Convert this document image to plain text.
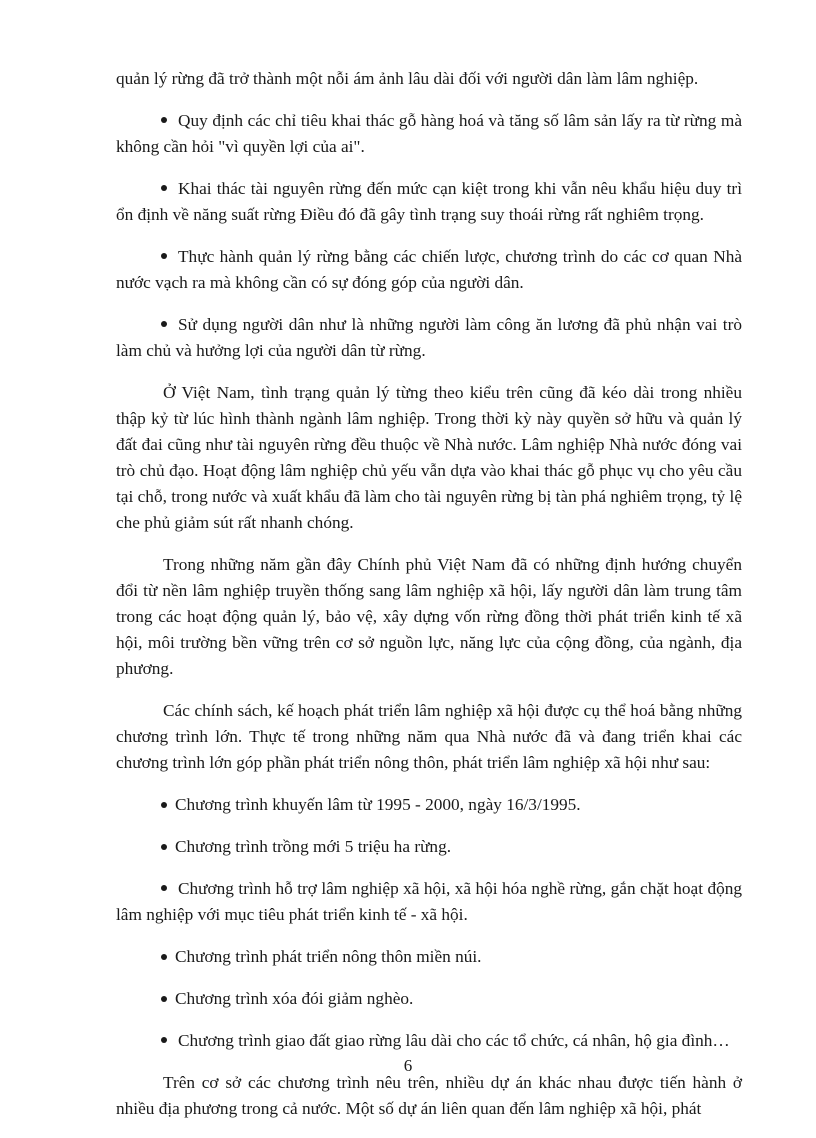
quản lý rừng đã trở thành một nỗi ám ảnh lâu dài đối với người dân làm lâm nghiệp.

Quy định các chỉ tiêu khai thác gỗ hàng hoá và tăng số lâm sản lấy ra từ rừng mà không cần hỏi "vì quyền lợi của ai".

Khai thác tài nguyên rừng đến mức cạn kiệt trong khi vẫn nêu khẩu hiệu duy trì ổn định về năng suất rừng Điều đó đã gây tình trạng suy thoái rừng rất nghiêm trọng.

Thực hành quản lý rừng bằng các chiến lược, chương trình do các cơ quan Nhà nước vạch ra mà không cần có sự đóng góp của người dân.

Sử dụng người dân như là những người làm công ăn lương đã phủ nhận vai trò làm chủ và hưởng lợi của người dân từ rừng.

Ở Việt Nam, tình trạng quản lý từng theo kiểu trên cũng đã kéo dài trong nhiều thập kỷ từ lúc hình thành ngành lâm nghiệp. Trong thời kỳ này quyền sở hữu và quản lý đất đai cũng như tài nguyên rừng đều thuộc về Nhà nước. Lâm nghiệp Nhà nước đóng vai trò chủ đạo. Hoạt động lâm nghiệp chủ yếu vẫn dựa vào khai thác gỗ phục vụ cho yêu cầu tại chỗ, trong nước và xuất khẩu đã làm cho tài nguyên rừng bị tàn phá nghiêm trọng, tỷ lệ che phủ giảm sút rất nhanh chóng.

Trong những năm gần đây Chính phủ Việt Nam đã có những định hướng chuyển đổi từ nền lâm nghiệp truyền thống sang lâm nghiệp xã hội, lấy người dân làm trung tâm trong các hoạt động quản lý, bảo vệ, xây dựng vốn rừng đồng thời phát triển kinh tế xã hội, môi trường bền vững trên cơ sở nguồn lực, năng lực của cộng đồng, của ngành, địa phương.

Các chính sách, kế hoạch phát triển lâm nghiệp xã hội được cụ thể hoá bằng những chương trình lớn. Thực tế trong những năm qua Nhà nước đã và đang triển khai các chương trình lớn góp phần phát triển nông thôn, phát triển lâm nghiệp xã hội như sau:

Chương trình khuyến lâm từ 1995 - 2000, ngày 16/3/1995.

Chương trình trồng mới 5 triệu ha rừng.

Chương trình hỗ trợ lâm nghiệp xã hội, xã hội hóa nghề rừng, gắn chặt hoạt động lâm nghiệp với mục tiêu phát triển kinh tế - xã hội.

Chương trình phát triển nông thôn miền núi.

Chương trình xóa đói giảm nghèo.

Chương trình giao đất giao rừng lâu dài cho các tổ chức, cá nhân, hộ gia đình…

Trên cơ sở các chương trình nêu trên, nhiều dự án khác nhau được tiến hành ở nhiều địa phương trong cả nước. Một số dự án liên quan đến lâm nghiệp xã hội, phát

6
